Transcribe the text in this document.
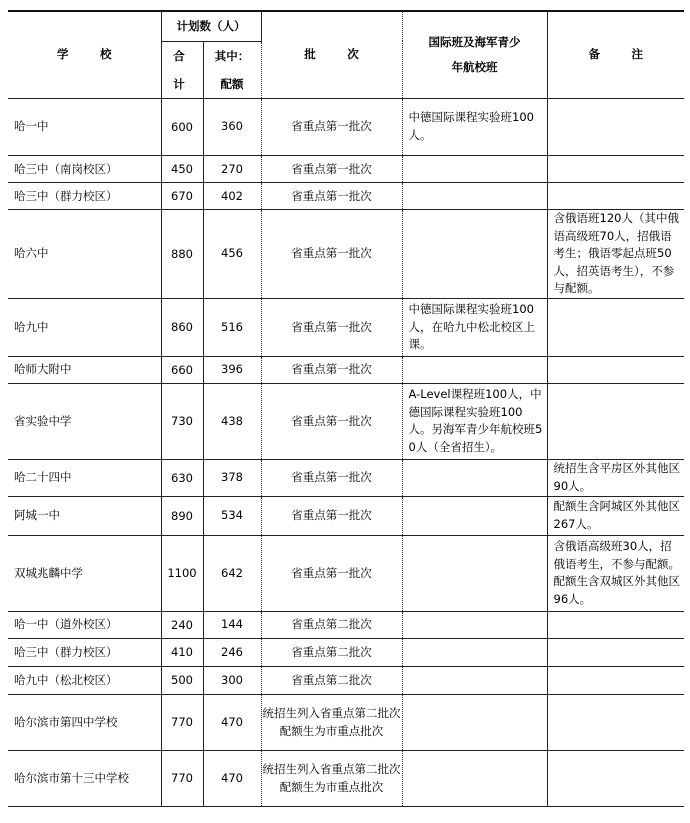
学 校	计划数（人）		批 次	国际班及海军青少年航校班	备 注
	合计	其中：配额			
哈一中	600	360	省重点第一批次	中德国际课程实验班100人。	
哈三中（南岗校区）	450	270	省重点第一批次		
哈三中（群力校区）	670	402	省重点第一批次		
哈六中	880	456	省重点第一批次		含俄语班120人（其中俄语高级班70人，招俄语考生；俄语零起点班50人，招英语考生），不参与配额。
哈九中	860	516	省重点第一批次	中德国际课程实验班100人，在哈九中松北校区上课。	
哈师大附中	660	396	省重点第一批次		
省实验中学	730	438	省重点第一批次	A-Level课程班100人，中德国际课程实验班100人。另海军青少年航校班50人（全省招生）。	
哈二十四中	630	378	省重点第一批次		统招生含平房区外其他区90人。
阿城一中	890	534	省重点第一批次		配额生含阿城区外其他区267人。
双城兆麟中学	1100	642	省重点第一批次		含俄语高级班30人，招俄语考生，不参与配额。配额生含双城区外其他区96人。
哈一中（道外校区）	240	144	省重点第二批次		
哈三中（群力校区）	410	246	省重点第二批次		
哈九中（松北校区）	500	300	省重点第二批次		
哈尔滨市第四中学校	770	470	统招生列入省重点第二批次
配额生为市重点批次		
哈尔滨市第十三中学校	770	470	统招生列入省重点第二批次
配额生为市重点批次		
